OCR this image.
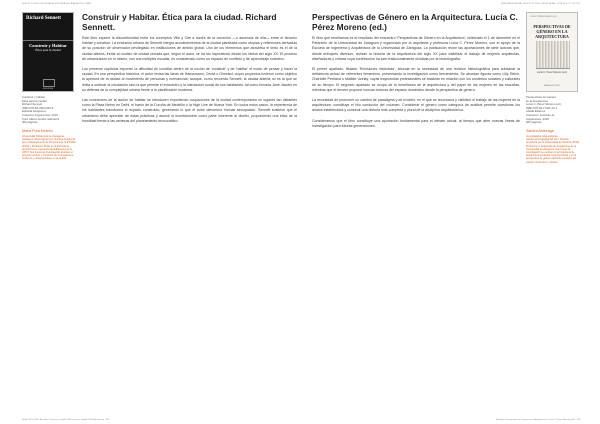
ISSN 2171-1146 / REVISTA DE HISTORIA DE LA ARQUITECTURA	WWW.REVISTA RA / ISSN 2171-1146 / REVISTA RA · 2018 Nº 5 / P. 123-125
Richard Sennett
Construir y Habitar
Ética para la ciudad
ANAGRAMA
Construir y habitar.
Ética para la ciudad
Richard Sennett
ISBN 978-84-339-6433-5
Editorial Anagrama,
Colección Argumentos, 2019
Trad. Marco Aurelio Galmarini
400 páginas
María Pura Moreno
Universidad Politécnica de Cartagena. mariapura.moreno@upct.es. Doctora Arquitecta por el Departamento de Proyectos de la ETSAM (2013) y Profesora Titular en la Escuela de Arquitectura e Ingeniería de Edificación de la UPCT. Sus líneas de investigación abordan el proyecto urbano y la historia de la arquitectura moderna y contemporánea en la ciudad.
Construir y Habitar. Ética para la ciudad. Richard Sennett.

Este libro expone la discontinuidad entre los conceptos Ville y Cité a través de la conexión —o ausencia de ella— entre el binomio habitar y construir. La evolución urbana de Sennett integra acontecimientos de la ciudad planteada como utopías y reflexiones derivadas de su posición de observador privilegiado en instituciones de ámbito global. Uno de los elementos que atraviesa el texto es el de la ciudad abierta, frente al modelo de ciudad cerrada que, según el autor, se ha ido imponiendo desde los inicios del siglo XX. El proceso de urbanización en sí mismo, con sus múltiples escalas, es considerado como un espacio de conflicto y de aprendizaje colectivo.

Los primeros capítulos exponen la dificultad de conciliar dentro de la noción de 'construir' y de 'habitar' el modo de pensar y hacer la ciudad. En una perspectiva histórica, el autor revisa las ideas de Haussmann, Cerdá u Olmsted, cuyos proyectos tuvieron como objetivo la apertura de la ciudad al movimiento de personas y mercancías; aunque, como recuerda Sennett, la ciudad abierta no es la que se limita a ordenar la circulación sino la que permite el encuentro y la interacción social de sus habitantes, tal como formula Jane Jacobs en su defensa de la complejidad urbana frente a la planificación moderna.

Las conexiones de la acción de habitar se introducen exponiendo ocupaciones de la ciudad contemporánea en lugares tan distantes como la Plaza Nehru en Delhi, el barrio de la Coruña de Medellín o la High Line de Nueva York. En todos estos casos, la experiencia de los habitantes transforma el espacio construido, generando lo que el autor denomina 'formas sincopadas'. Sennett sostiene que el urbanismo debe aprender de estas prácticas y asumir la incertidumbre como parte inherente al diseño, proponiendo una ética de la humildad frente a las certezas del planeamiento tecnocrático.

Perspectivas de Género en la Arquitectura. Lucía C. Pérez Moreno (ed.)

El libro que reseñamos es el resultado del encuentro 'Perspectivas de Género en la Arquitectura', celebrado el 1 de diciembre en el Paraninfo de la Universidad de Zaragoza y organizado por la arquitecta y profesora Lucía C. Pérez Moreno, con el apoyo de la Escuela de Ingeniería y Arquitectura de la Universidad de Zaragoza. La publicación reúne las aportaciones de siete autoras que, desde enfoques diversos, revisan la historia de la arquitectura del siglo XX para visibilizar el trabajo de mujeres arquitectas, diseñadoras y críticas cuya contribución ha sido tradicionalmente olvidada por la historiografía.

El primer apartado, titulado 'Revisiones históricas', abunda en la necesidad de una revisión historiográfica para subsanar la deficiencia actual de referentes femeninos, presentando la investigación como herramienta. Se abordan figuras como Lilly Reich, Charlotte Perriand o Matilde Ucelay, cuyas trayectorias profesionales se analizan en relación con los contextos sociales y culturales de su tiempo. El segundo apartado se ocupa de la enseñanza de la arquitectura y del papel de las mujeres en las escuelas, mientras que el tercero propone nuevas lecturas del espacio doméstico desde la perspectiva de género.

La necesidad de promover un cambio de paradigma y de modelo, en el que se reconozca y visibilice el trabajo de las mujeres en la arquitectura, constituye el hilo conductor del volumen. Considerar el género como categoría de análisis permite cuestionar los relatos establecidos y construir una historia más completa y plural de la disciplina arquitectónica.

Consideramos que el libro constituye una aportación fundamental para el debate actual, al tiempo que abre nuevas líneas de investigación para futuras generaciones.

LUCÍA C. PÉREZ MORENO (ED.)
PERSPECTIVAS DE GÉNERO EN LA ARQUITECTURA
Lucía C. Pérez Moreno (ed.)
ABADA EDITORES
Perspectivas de Género
en la Arquitectura
Lucía C. Pérez Moreno (ed.)
ISBN 978-84-17301-12-1
Abada Editores
Colección: Lecturas de
Arquitectura, 2018
280 páginas
Sandra Amezaga
Investigadora independiente. sandra.amezaga@gmail.com. Doctora Arquitecta por la Universidad de Navarra (2016). Profesora en la Escuela de Arquitectura de la Universidad de Zaragoza. Sus líneas de investigación se centran en la historia de la arquitectura española contemporánea y en la perspectiva de género aplicada al estudio del espacio doméstico y urbano.
ISSN 2171-1146 / Reseñas Construir y habitar. Ética para la ciudad. Richard Sennett · R5	Reseñas Perspectivas de Género en la Arquitectura. Lucía C. Pérez Moreno (ed.) · R5
